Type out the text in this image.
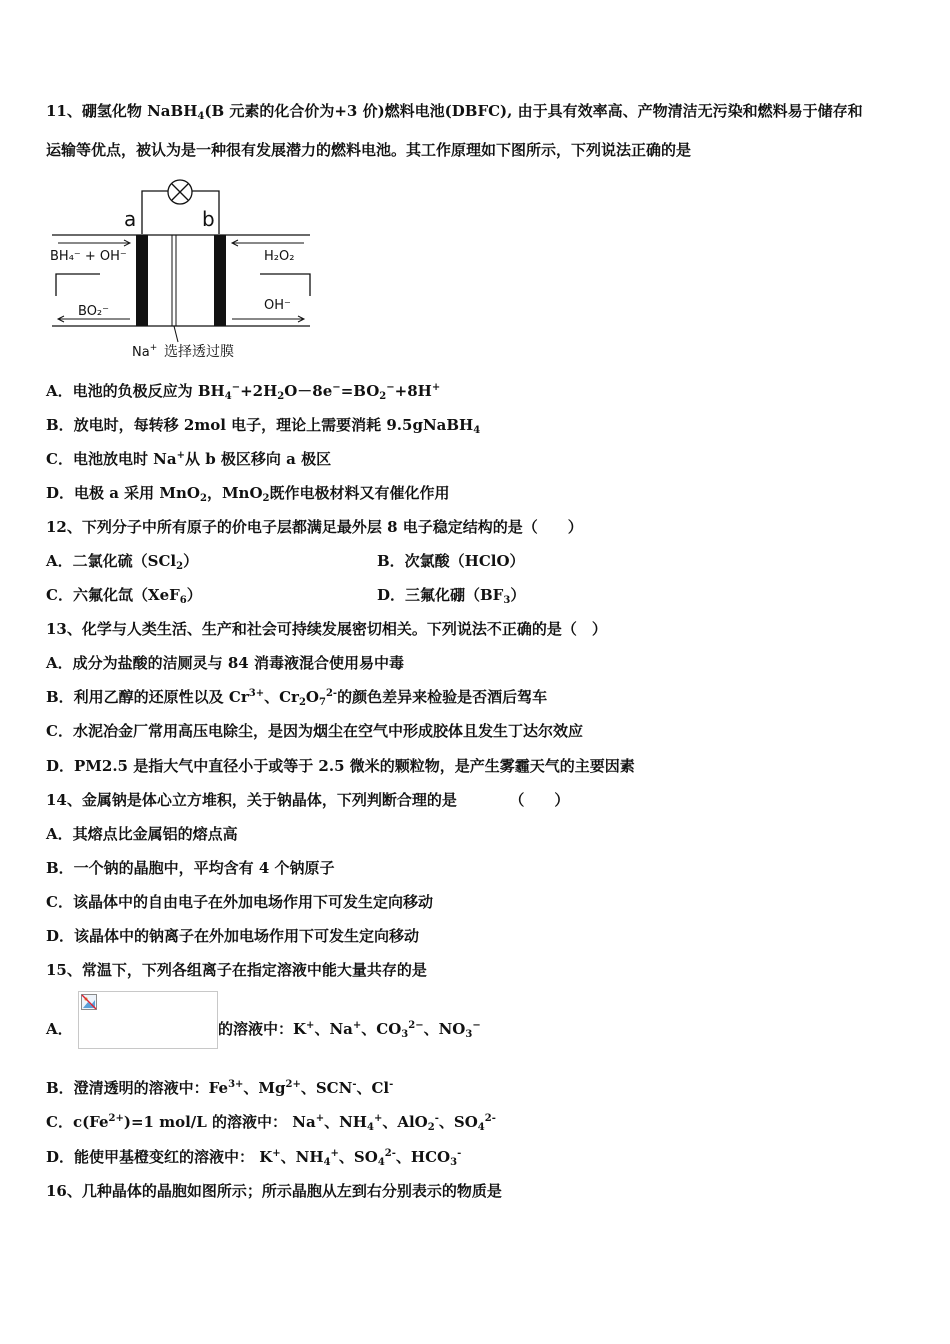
11、硼氢化物 NaBH$_4$(B 元素的化合价为+3 价)燃料电池(DBFC), 由于具有效率高、产物清洁无污染和燃料易于储存和
运输等优点，被认为是一种很有发展潜力的燃料电池。其工作原理如下图所示，下列说法正确的是
a	b
BH₄⁻ + OH⁻
BO₂⁻
H₂O₂
OH⁻
Na+ 选择透过膜
A．电池的负极反应为 $BH_4^-+2H_2O-8e^-=BO_2^-+8H^+$
B．放电时，每转移 2mol 电子，理论上需要消耗 9.5gNaBH$_4$
C．电池放电时 Na+从 b 极区移向 a 极区
D．电极 a 采用 MnO$_2$，MnO$_2$既作电极材料又有催化作用
12、下列分子中所有原子的价电子层都满足最外层 8 电子稳定结构的是（　　）
A．二氯化硫（SCl$_2$）	B．次氯酸（HClO）
C．六氟化氙（XeF$_6$）	D．三氟化硼$(BF_3)$
13、化学与人类生活、生产和社会可持续发展密切相关。下列说法不正确的是（　）
A．成分为盐酸的洁厕灵与 84 消毒液混合使用易中毒
B．利用乙醇的还原性以及 $Cr^{3+}$、$Cr_2O_7^{2-}$的颜色差异来检验是否酒后驾车
C．水泥冶金厂常用高压电除尘，是因为烟尘在空气中形成胶体且发生丁达尔效应
D．PM2.5 是指大气中直径小于或等于 2.5 微米的颗粒物，是产生雾霾天气的主要因素
14、金属钠是体心立方堆积，关于钠晶体，下列判断合理的是　　　　（　　）
A．其熔点比金属铝的熔点高
B．一个钠的晶胞中，平均含有 4 个钠原子
C．该晶体中的自由电子在外加电场作用下可发生定向移动
D．该晶体中的钠离子在外加电场作用下可发生定向移动
15、常温下，下列各组离子在指定溶液中能大量共存的是
A．	的溶液中：K+、Na+、$CO_3^{2-}$、$NO_3^-$
B．澄清透明的溶液中：$Fe^{3+}$、$Mg^{2+}$、SCN-、Cl-
C．$c(Fe^{2+})=1$ mol/L 的溶液中： Na+、$NH_4^+$、AlO$_2$-、$SO_4^{2-}$
D．能使甲基橙变红的溶液中： K+、$NH_4^+$、$SO_4^{2-}$、$HCO_3^-$
16、几种晶体的晶胞如图所示；所示晶胞从左到右分别表示的物质是
